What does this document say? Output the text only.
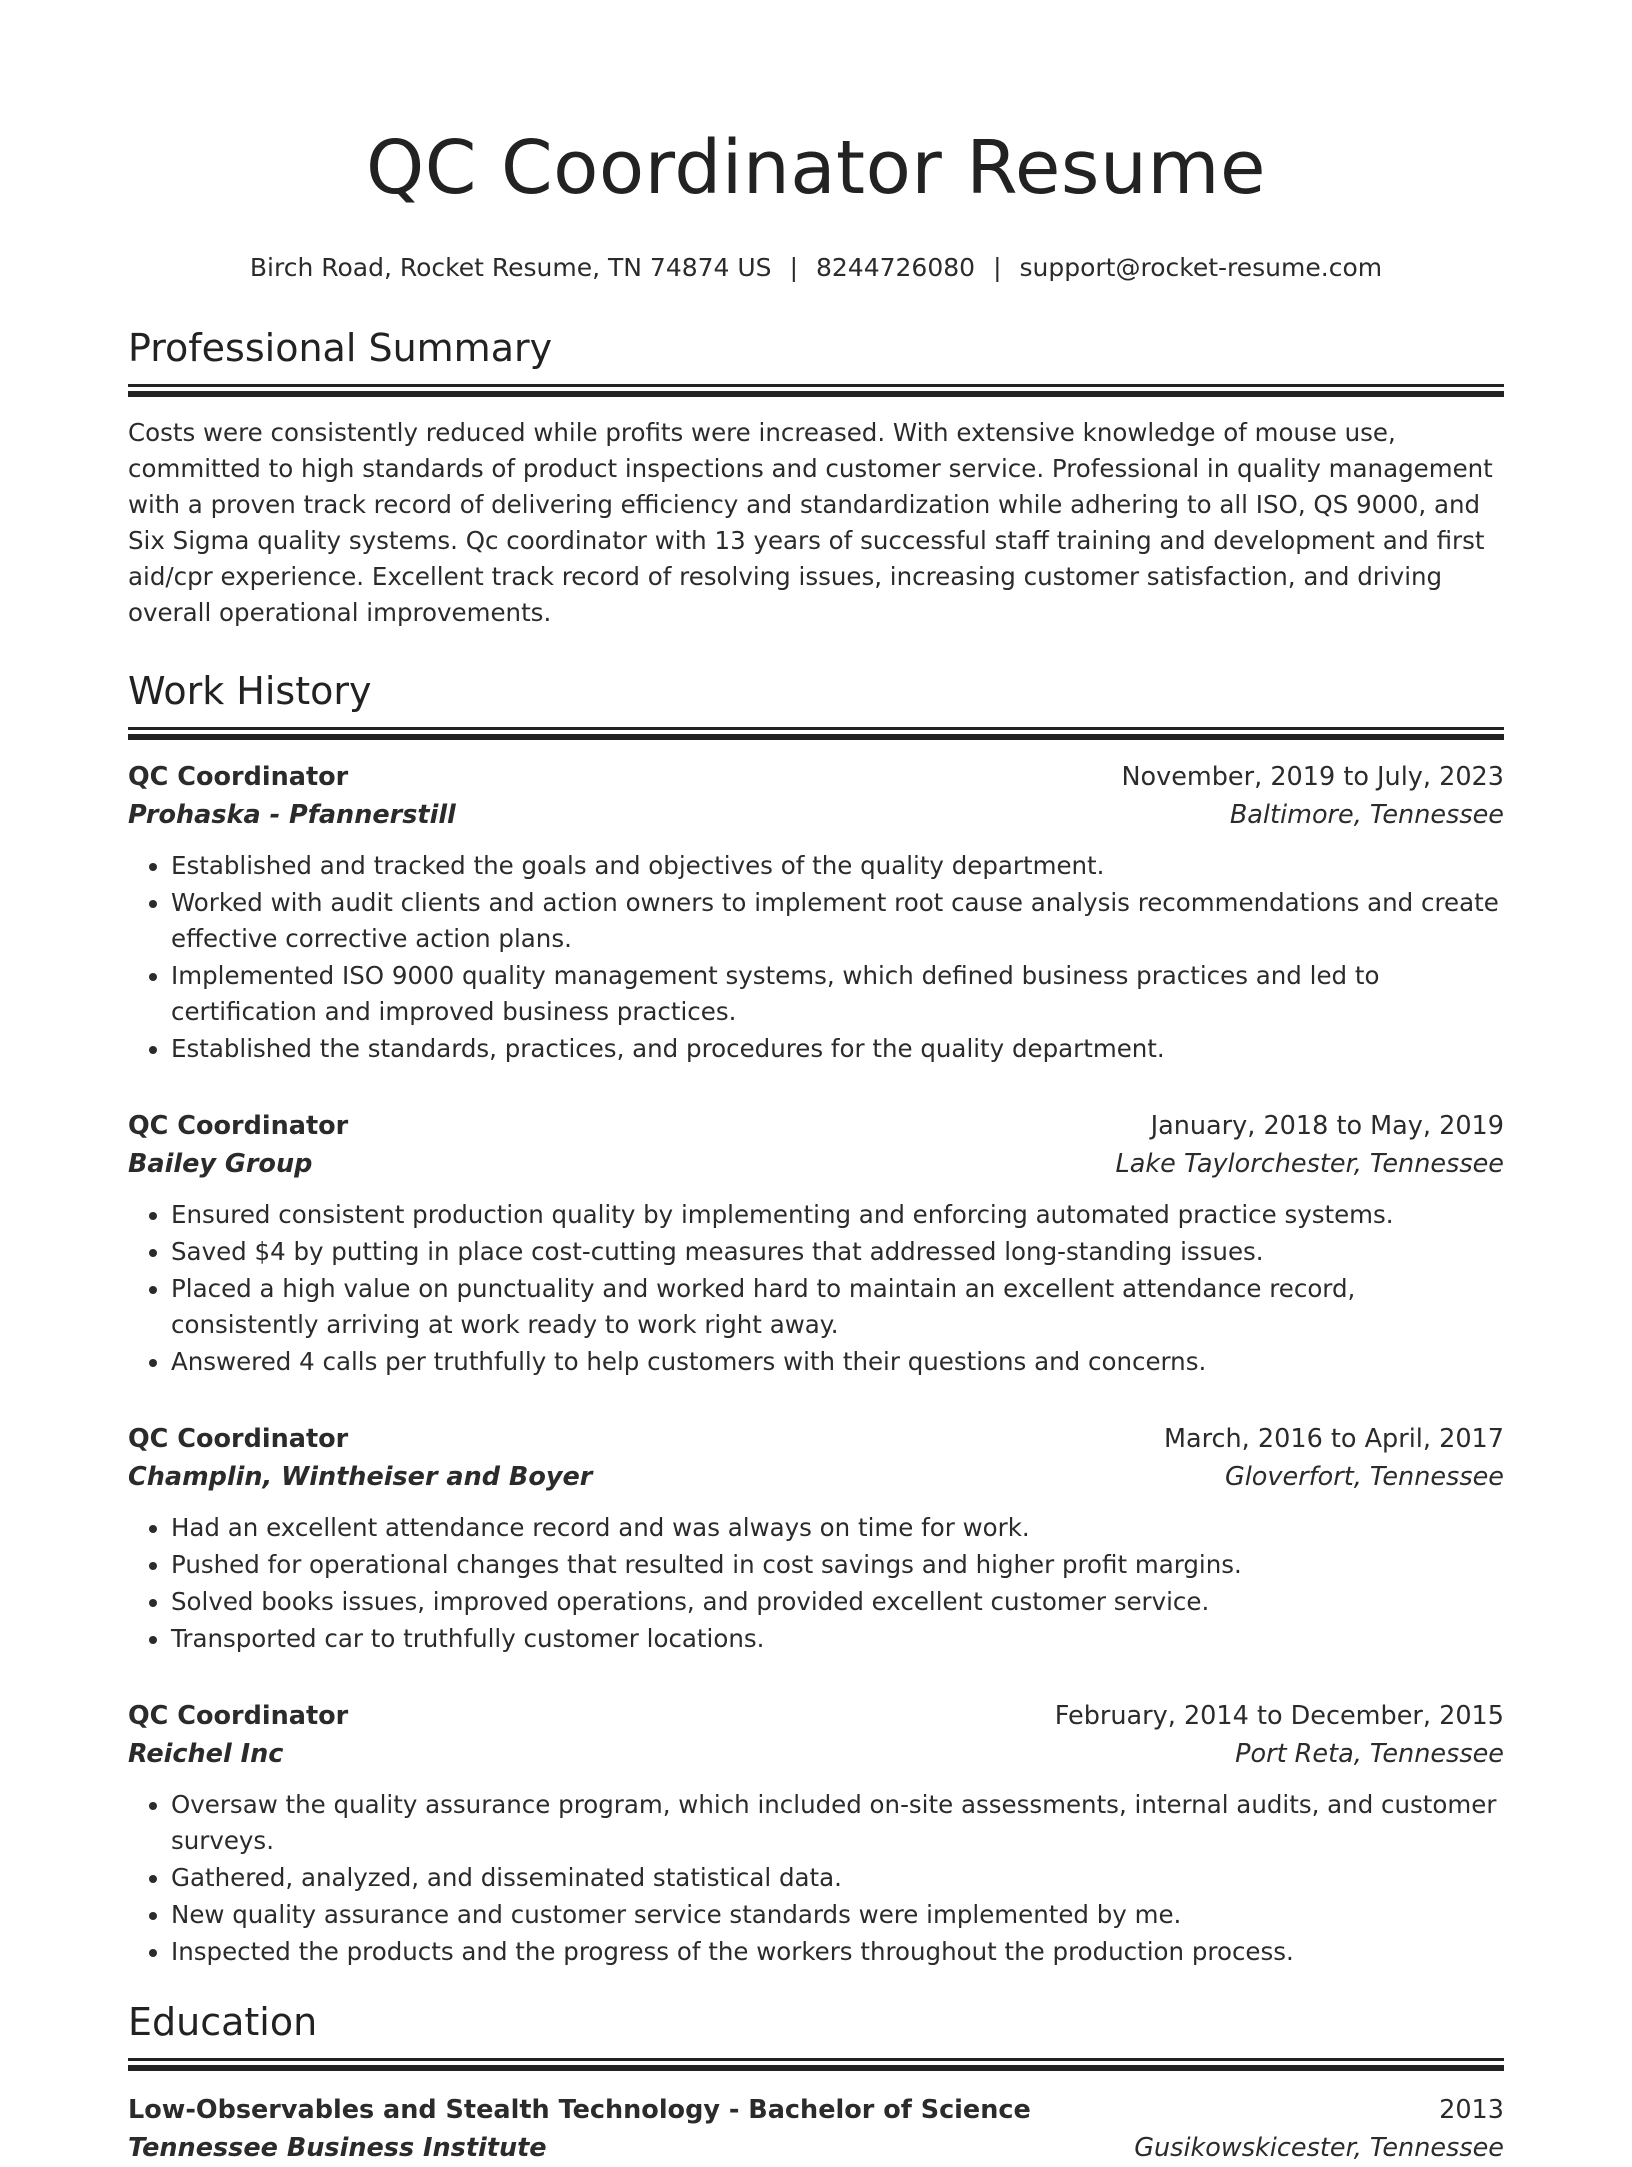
QC Coordinator Resume
Birch Road, Rocket Resume, TN 74874 US | 8244726080 | support@rocket-resume.com
Professional Summary

Costs were consistently reduced while profits were increased. With extensive knowledge of mouse use, committed to high standards of product inspections and customer service. Professional in quality management with a proven track record of delivering efficiency and standardization while adhering to all ISO, QS 9000, and Six Sigma quality systems. Qc coordinator with 13 years of successful staff training and development and first aid/cpr experience. Excellent track record of resolving issues, increasing customer satisfaction, and driving overall operational improvements.

Work History
QC Coordinator	November, 2019 to July, 2023
Prohaska - Pfannerstill	Baltimore, Tennessee
• Established and tracked the goals and objectives of the quality department.
• Worked with audit clients and action owners to implement root cause analysis recommendations and create effective corrective action plans.
• Implemented ISO 9000 quality management systems, which defined business practices and led to certification and improved business practices.
• Established the standards, practices, and procedures for the quality department.
QC Coordinator	January, 2018 to May, 2019
Bailey Group	Lake Taylorchester, Tennessee
• Ensured consistent production quality by implementing and enforcing automated practice systems.
• Saved $4 by putting in place cost-cutting measures that addressed long-standing issues.
• Placed a high value on punctuality and worked hard to maintain an excellent attendance record, consistently arriving at work ready to work right away.
• Answered 4 calls per truthfully to help customers with their questions and concerns.
QC Coordinator	March, 2016 to April, 2017
Champlin, Wintheiser and Boyer	Gloverfort, Tennessee
• Had an excellent attendance record and was always on time for work.
• Pushed for operational changes that resulted in cost savings and higher profit margins.
• Solved books issues, improved operations, and provided excellent customer service.
• Transported car to truthfully customer locations.
QC Coordinator	February, 2014 to December, 2015
Reichel Inc	Port Reta, Tennessee
• Oversaw the quality assurance program, which included on-site assessments, internal audits, and customer surveys.
• Gathered, analyzed, and disseminated statistical data.
• New quality assurance and customer service standards were implemented by me.
• Inspected the products and the progress of the workers throughout the production process.
Education
Low-Observables and Stealth Technology - Bachelor of Science	2013
Tennessee Business Institute	Gusikowskicester, Tennessee
